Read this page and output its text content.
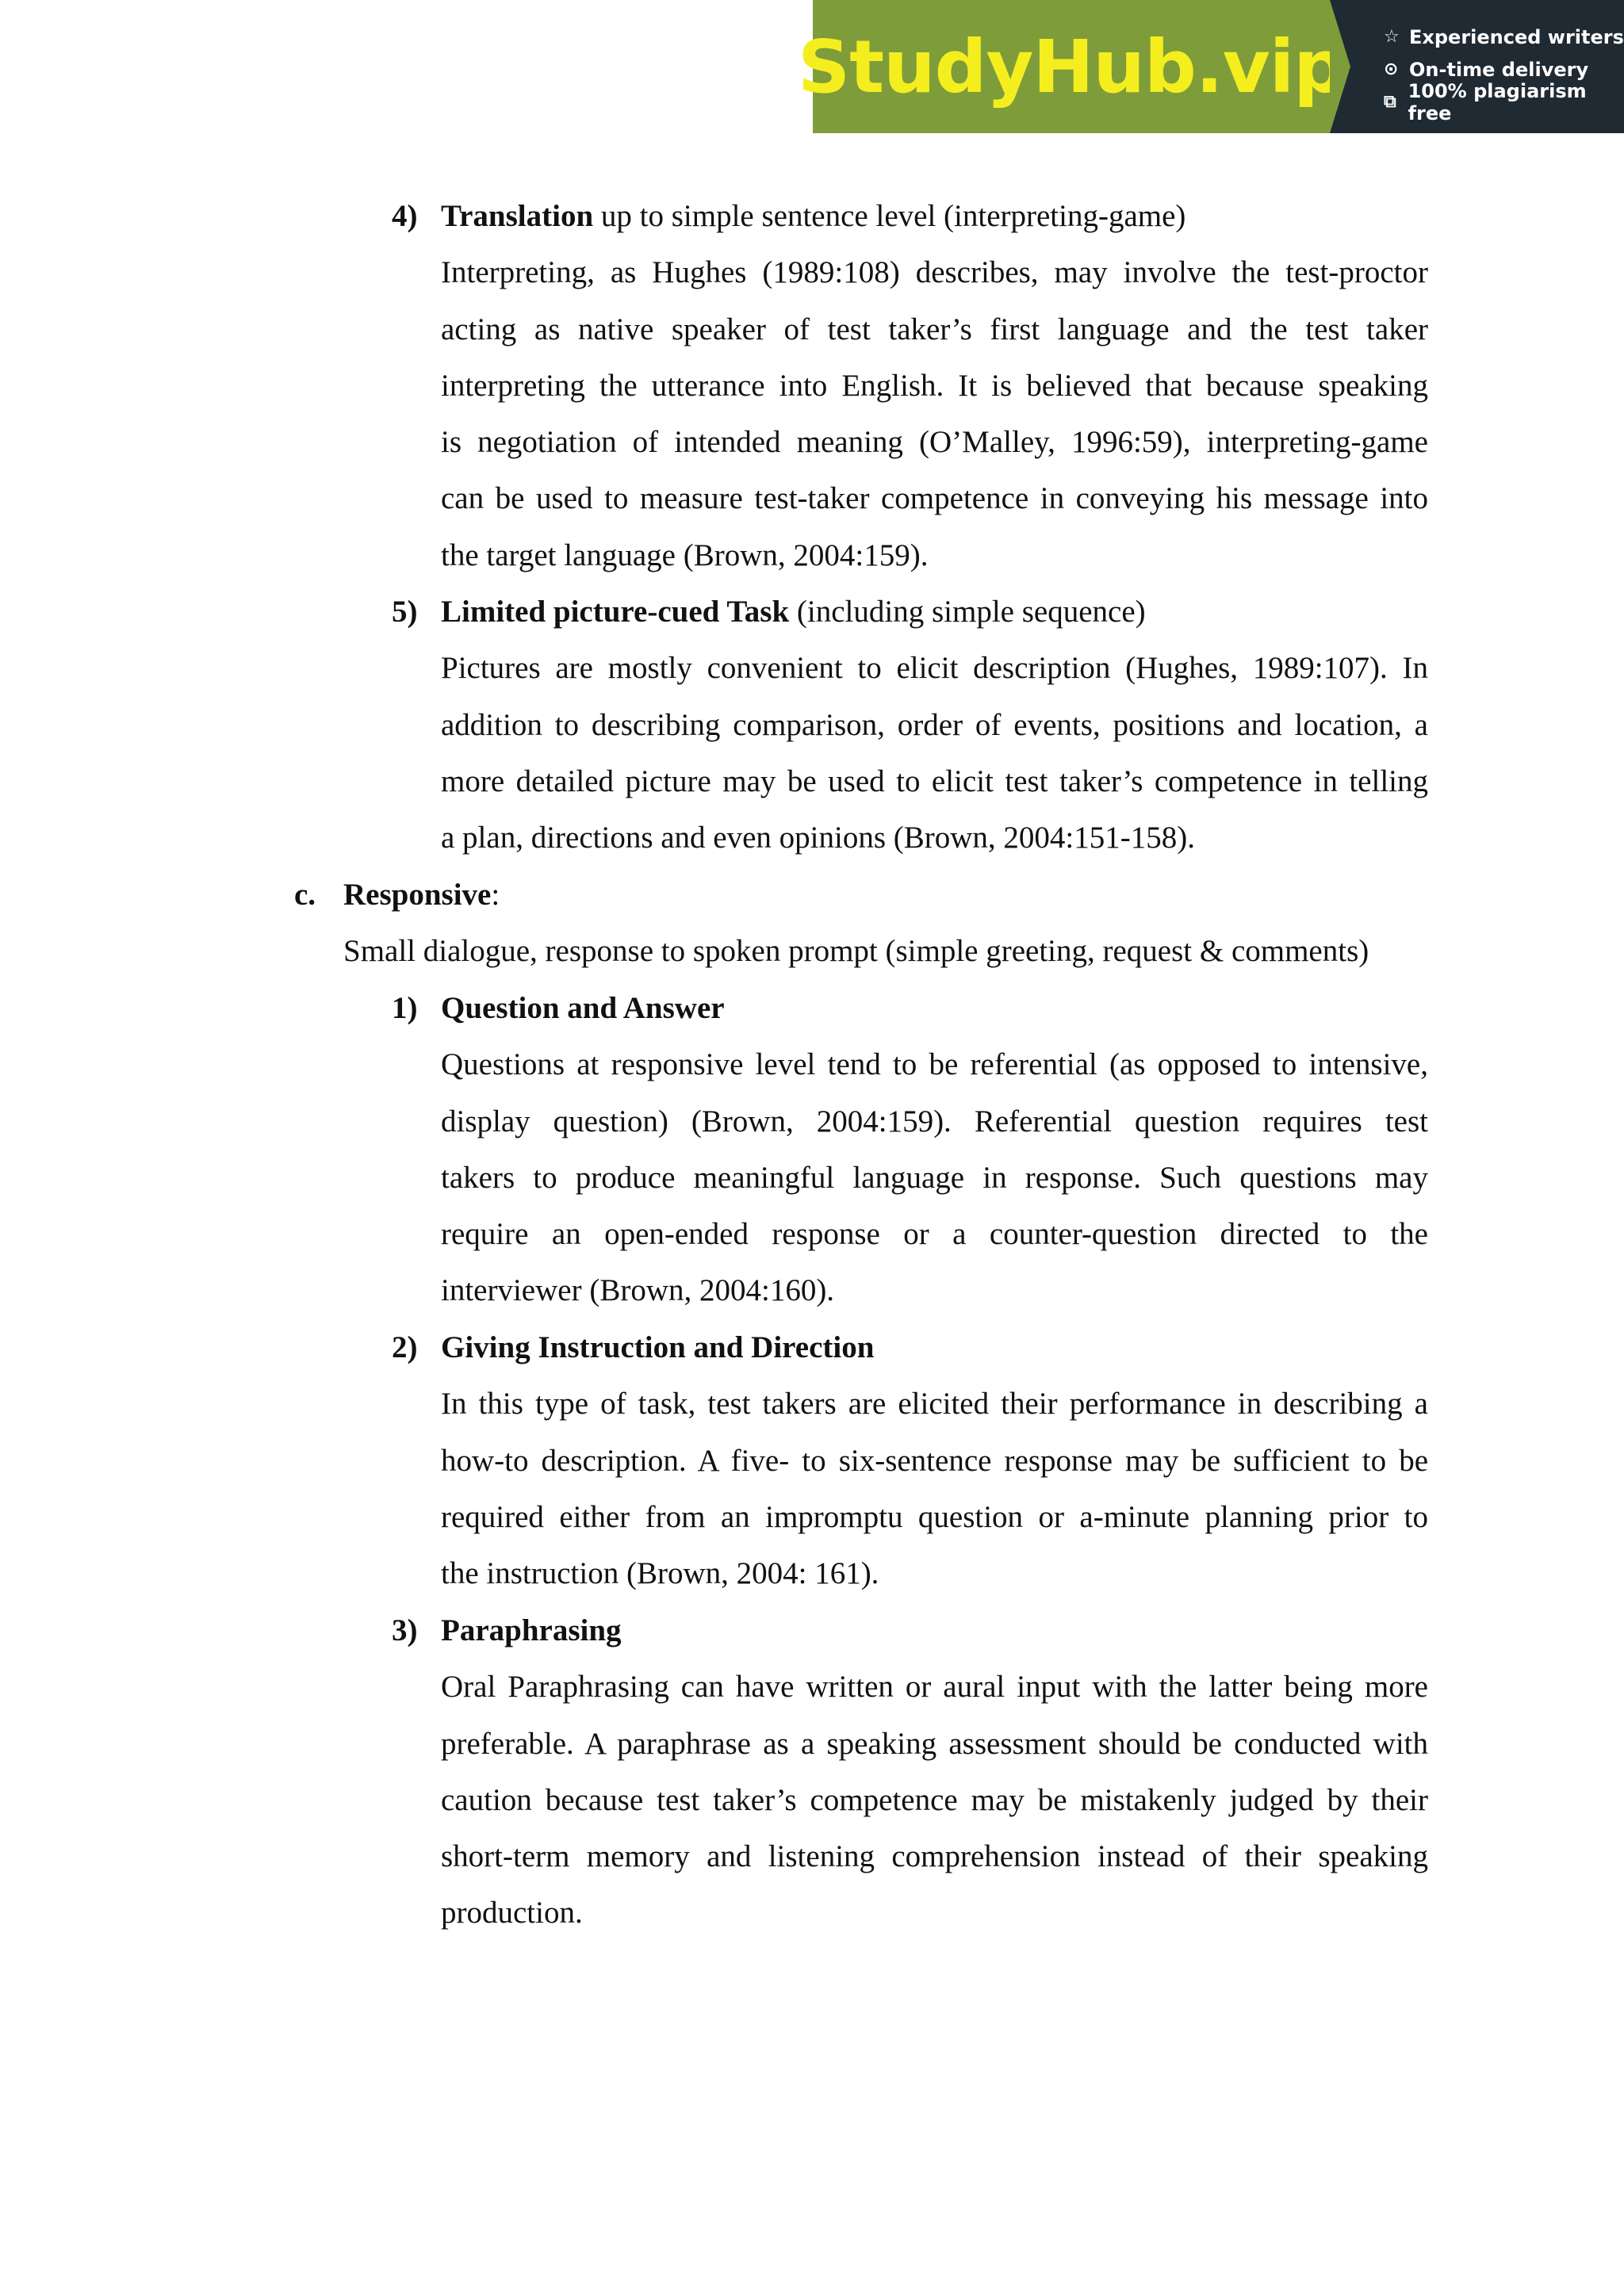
StudyHub.vip ☆ Experienced writers
⊙ On-time delivery
⧉ 100% plagiarism free
4) Translation up to simple sentence level (interpreting-game)
Interpreting, as Hughes (1989:108) describes, may involve the test-proctor
acting as native speaker of test taker’s first language and the test taker
interpreting the utterance into English. It is believed that because speaking
is negotiation of intended meaning (O’Malley, 1996:59), interpreting-game
can be used to measure test-taker competence in conveying his message into
the target language (Brown, 2004:159).
5) Limited picture-cued Task (including simple sequence)
Pictures are mostly convenient to elicit description (Hughes, 1989:107). In
addition to describing comparison, order of events, positions and location, a
more detailed picture may be used to elicit test taker’s competence in telling
a plan, directions and even opinions (Brown, 2004:151-158).
c. Responsive:
Small dialogue, response to spoken prompt (simple greeting, request & comments)
1) Question and Answer
Questions at responsive level tend to be referential (as opposed to intensive,
display question) (Brown, 2004:159). Referential question requires test
takers to produce meaningful language in response. Such questions may
require an open-ended response or a counter-question directed to the
interviewer (Brown, 2004:160).
2) Giving Instruction and Direction
In this type of task, test takers are elicited their performance in describing a
how-to description. A five- to six-sentence response may be sufficient to be
required either from an impromptu question or a-minute planning prior to
the instruction (Brown, 2004: 161).
3) Paraphrasing
Oral Paraphrasing can have written or aural input with the latter being more
preferable. A paraphrase as a speaking assessment should be conducted with
caution because test taker’s competence may be mistakenly judged by their
short-term memory and listening comprehension instead of their speaking
production.
